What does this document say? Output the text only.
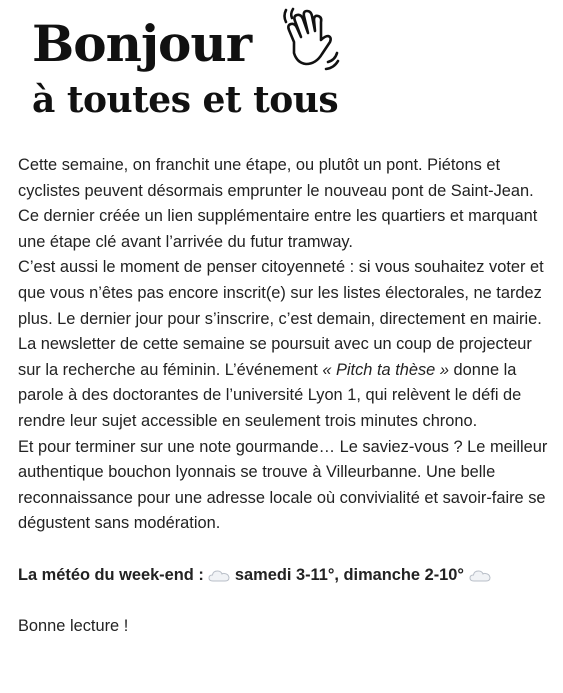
Bonjour
à toutes et tous

Cette semaine, on franchit une étape, ou plutôt un pont. Piétons et cyclistes peuvent désormais emprunter le nouveau pont de Saint-Jean. Ce dernier créée un lien supplémentaire entre les quartiers et marquant une étape clé avant l’arrivée du futur tramway.

C’est aussi le moment de penser citoyenneté : si vous souhaitez voter et que vous n’êtes pas encore inscrit(e) sur les listes électorales, ne tardez plus. Le dernier jour pour s’inscrire, c’est demain, directement en mairie.

La newsletter de cette semaine se poursuit avec un coup de projecteur sur la recherche au féminin. L’événement « Pitch ta thèse » donne la parole à des doctorantes de l’université Lyon 1, qui relèvent le défi de rendre leur sujet accessible en seulement trois minutes chrono.

Et pour terminer sur une note gourmande… Le saviez-vous ? Le meilleur authentique bouchon lyonnais se trouve à Villeurbanne. Une belle reconnaissance pour une adresse locale où convivialité et savoir-faire se dégustent sans modération.

La météo du week-end : samedi 3-11°, dimanche 2-10°

Bonne lecture !
